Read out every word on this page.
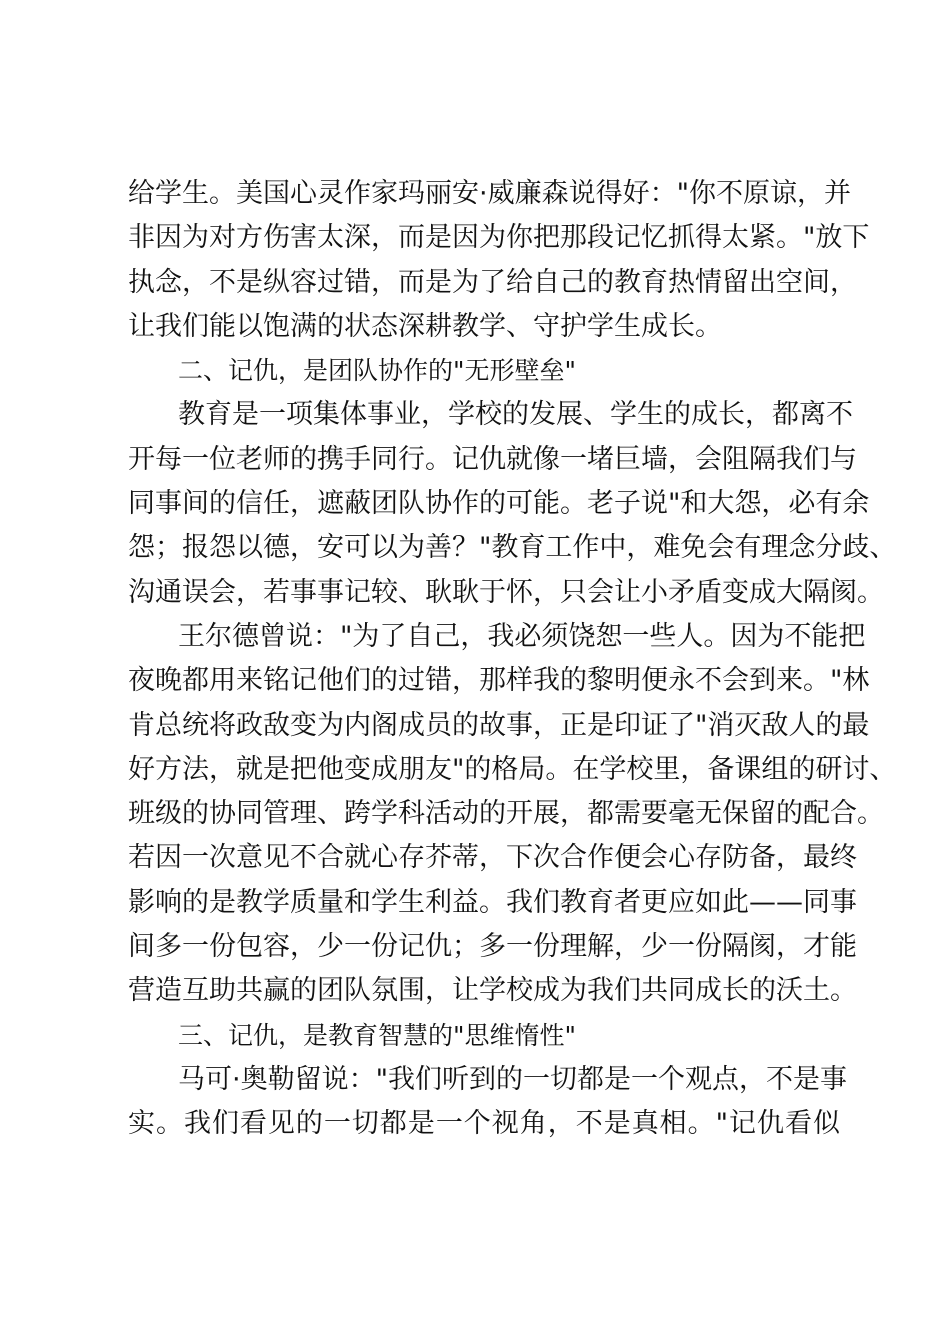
给学生。美国心灵作家玛丽安·威廉森说得好："你不原谅，并
非因为对方伤害太深，而是因为你把那段记忆抓得太紧。"放下
执念，不是纵容过错，而是为了给自己的教育热情留出空间，
让我们能以饱满的状态深耕教学、守护学生成长。
二、记仇，是团队协作的"无形壁垒"
教育是一项集体事业，学校的发展、学生的成长，都离不
开每一位老师的携手同行。记仇就像一堵巨墙，会阻隔我们与
同事间的信任，遮蔽团队协作的可能。老子说"和大怨，必有余
怨；报怨以德，安可以为善？"教育工作中，难免会有理念分歧、
沟通误会，若事事记较、耿耿于怀，只会让小矛盾变成大隔阂。
王尔德曾说："为了自己，我必须饶恕一些人。因为不能把
夜晚都用来铭记他们的过错，那样我的黎明便永不会到来。"林
肯总统将政敌变为内阁成员的故事，正是印证了"消灭敌人的最
好方法，就是把他变成朋友"的格局。在学校里，备课组的研讨、
班级的协同管理、跨学科活动的开展，都需要毫无保留的配合。
若因一次意见不合就心存芥蒂，下次合作便会心存防备，最终
影响的是教学质量和学生利益。我们教育者更应如此——同事
间多一份包容，少一份记仇；多一份理解，少一份隔阂，才能
营造互助共赢的团队氛围，让学校成为我们共同成长的沃土。
三、记仇，是教育智慧的"思维惰性"
马可·奥勒留说："我们听到的一切都是一个观点，不是事
实。我们看见的一切都是一个视角，不是真相。"记仇看似
